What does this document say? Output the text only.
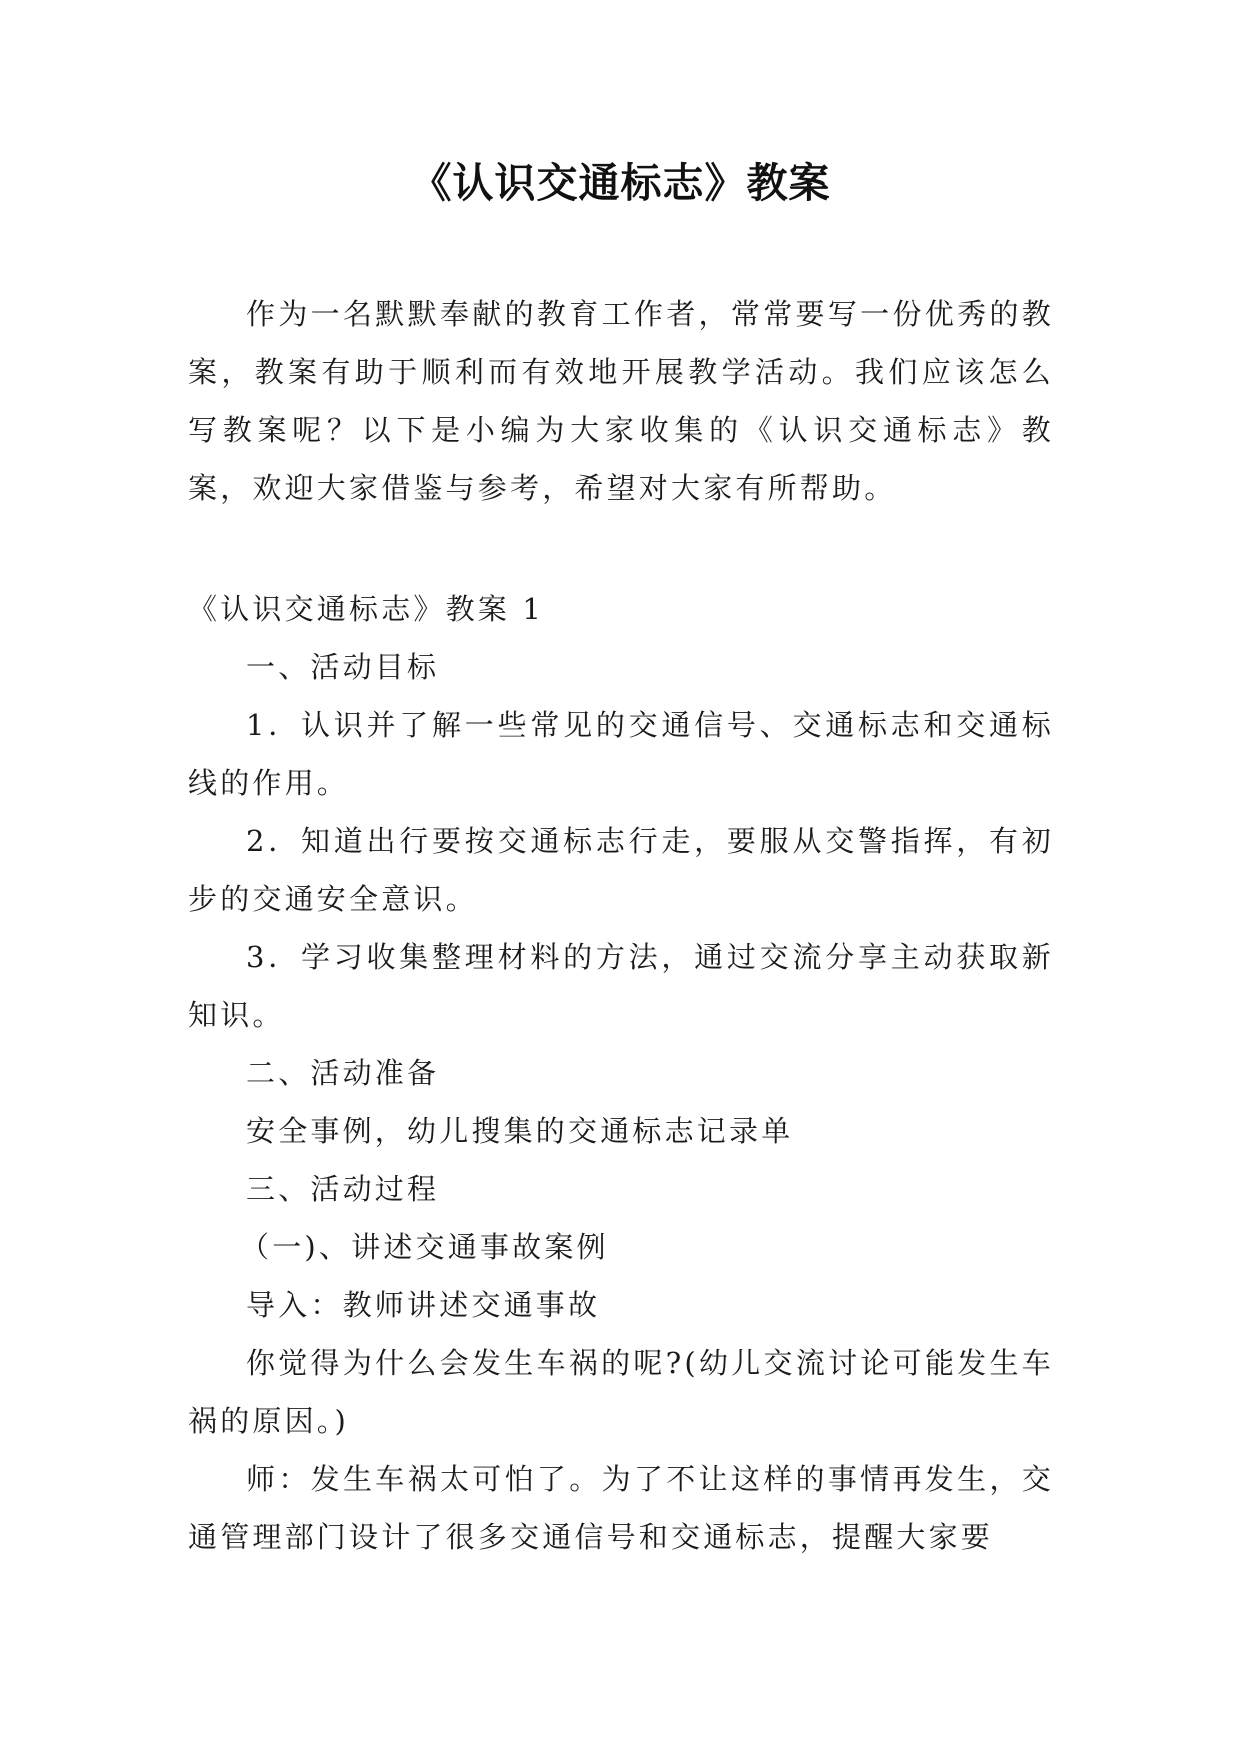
《认识交通标志》教案

作为一名默默奉献的教育工作者，常常要写一份优秀的教案，教案有助于顺利而有效地开展教学活动。我们应该怎么写教案呢？以下是小编为大家收集的《认识交通标志》教案，欢迎大家借鉴与参考，希望对大家有所帮助。

《认识交通标志》教案 1

一、活动目标

1．认识并了解一些常见的交通信号、交通标志和交通标线的作用。

2．知道出行要按交通标志行走，要服从交警指挥，有初步的交通安全意识。

3．学习收集整理材料的方法，通过交流分享主动获取新知识。

二、活动准备

安全事例，幼儿搜集的交通标志记录单

三、活动过程

（一)、讲述交通事故案例

导入：教师讲述交通事故

你觉得为什么会发生车祸的呢?(幼儿交流讨论可能发生车祸的原因。)

师：发生车祸太可怕了。为了不让这样的事情再发生，交通管理部门设计了很多交通信号和交通标志，提醒大家要
